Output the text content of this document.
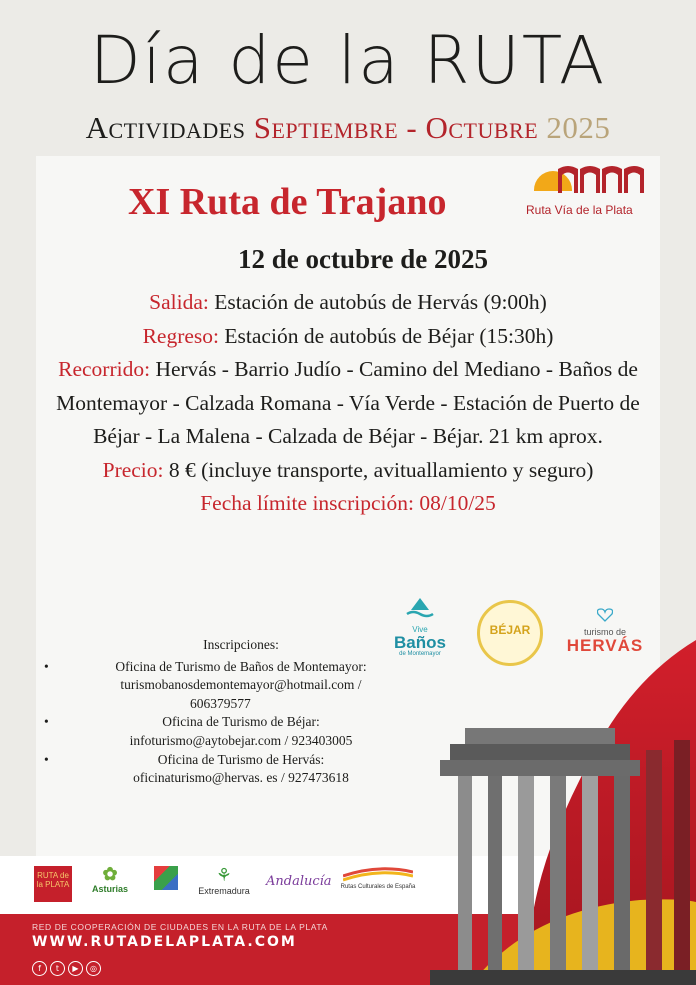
Día de la RUTA
Actividades Septiembre - Octubre 2025
XI Ruta de Trajano	Ruta Vía de la Plata
12 de octubre de 2025

Salida: Estación de autobús de Hervás (9:00h)

Regreso: Estación de autobús de Béjar (15:30h)

Recorrido: Hervás - Barrio Judío - Camino del Mediano - Baños de Montemayor - Calzada Romana - Vía Verde - Estación de Puerto de Béjar - La Malena - Calzada de Béjar - Béjar. 21 km aprox.

Precio: 8 € (incluye transporte, avituallamiento y seguro)

Fecha límite inscripción: 08/10/25

Vive
Baños
de Montemayor
BÉJAR	turismo de
HERVÁS
Inscripciones:
• Oficina de Turismo de Baños de Montemayor:
turismobanosdemontemayor@hotmail.com /
606379577
• Oficina de Turismo de Béjar:
infoturismo@aytobejar.com / 923403005
• Oficina de Turismo de Hervás:
oficinaturismo@hervas. es / 927473618
RUTA de la PLATA
✿
Asturias
⚘
Extremadura
Andalucía	Rutas Culturales de España
RED DE COOPERACIÓN DE CIUDADES EN LA RUTA DE LA PLATA
WWW.RUTADELAPLATA.COM
f t ▶ ◎
